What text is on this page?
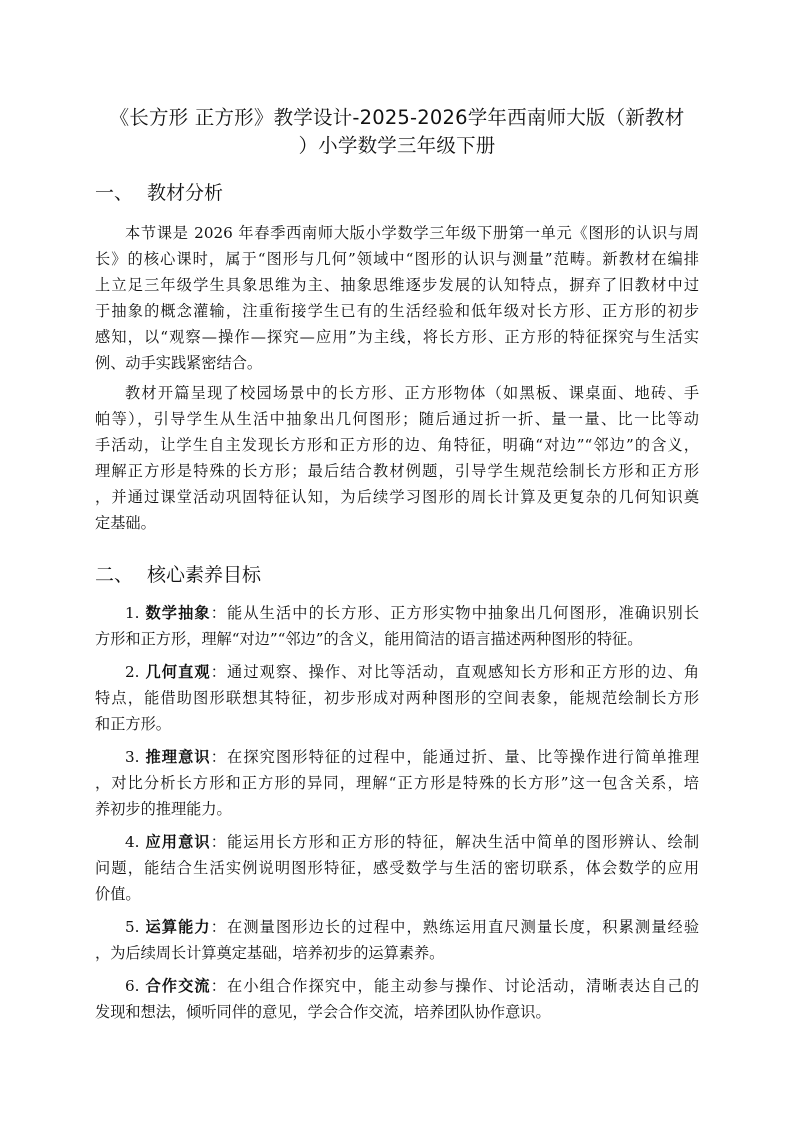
《长方形 正方形》教学设计-2025-2026学年西南师大版（新教材
）小学数学三年级下册
一、 教材分析

本节课是 2026 年春季西南师大版小学数学三年级下册第一单元《图形的认识与周

长》的核心课时，属于“图形与几何”领域中“图形的认识与测量”范畴。新教材在编排

上立足三年级学生具象思维为主、抽象思维逐步发展的认知特点，摒弃了旧教材中过

于抽象的概念灌输，注重衔接学生已有的生活经验和低年级对长方形、正方形的初步

感知，以“观察—操作—探究—应用”为主线，将长方形、正方形的特征探究与生活实

例、动手实践紧密结合。

教材开篇呈现了校园场景中的长方形、正方形物体（如黑板、课桌面、地砖、手

帕等），引导学生从生活中抽象出几何图形；随后通过折一折、量一量、比一比等动

手活动，让学生自主发现长方形和正方形的边、角特征，明确“对边”“邻边”的含义，

理解正方形是特殊的长方形；最后结合教材例题，引导学生规范绘制长方形和正方形

，并通过课堂活动巩固特征认知，为后续学习图形的周长计算及更复杂的几何知识奠

定基础。

二、 核心素养目标

1. 数学抽象：能从生活中的长方形、正方形实物中抽象出几何图形，准确识别长

方形和正方形，理解“对边”“邻边”的含义，能用简洁的语言描述两种图形的特征。

2. 几何直观：通过观察、操作、对比等活动，直观感知长方形和正方形的边、角

特点，能借助图形联想其特征，初步形成对两种图形的空间表象，能规范绘制长方形

和正方形。

3. 推理意识：在探究图形特征的过程中，能通过折、量、比等操作进行简单推理

，对比分析长方形和正方形的异同，理解“正方形是特殊的长方形”这一包含关系，培

养初步的推理能力。

4. 应用意识：能运用长方形和正方形的特征，解决生活中简单的图形辨认、绘制

问题，能结合生活实例说明图形特征，感受数学与生活的密切联系，体会数学的应用

价值。

5. 运算能力：在测量图形边长的过程中，熟练运用直尺测量长度，积累测量经验

，为后续周长计算奠定基础，培养初步的运算素养。

6. 合作交流：在小组合作探究中，能主动参与操作、讨论活动，清晰表达自己的

发现和想法，倾听同伴的意见，学会合作交流，培养团队协作意识。
